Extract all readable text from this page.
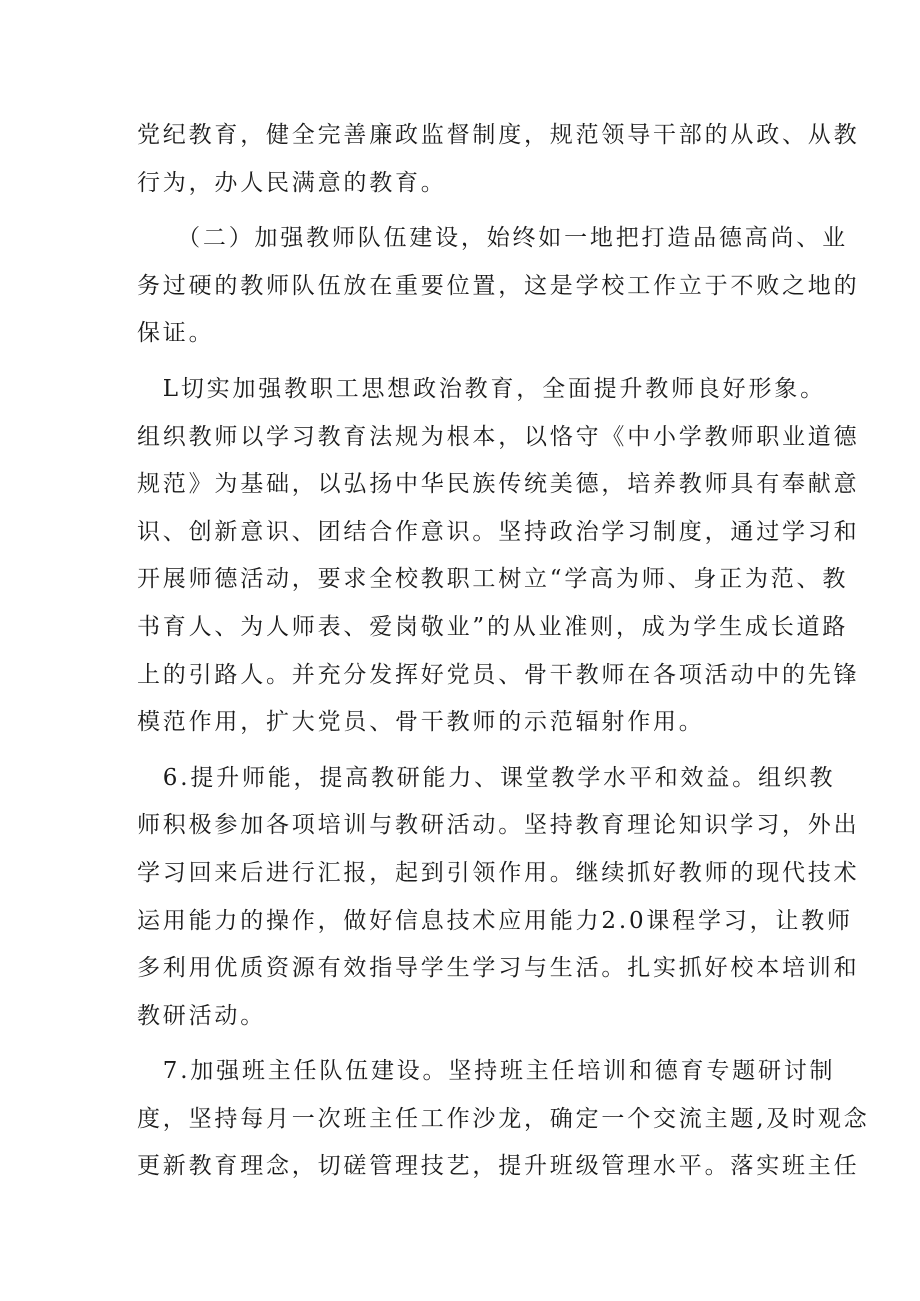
党纪教育，健全完善廉政监督制度，规范领导干部的从政、从教
行为，办人民满意的教育。
　　（二）加强教师队伍建设，始终如一地把打造品德高尚、业
务过硬的教师队伍放在重要位置，这是学校工作立于不败之地的
保证。
　L切实加强教职工思想政治教育，全面提升教师良好形象。
组织教师以学习教育法规为根本，以恪守《中小学教师职业道德
规范》为基础，以弘扬中华民族传统美德，培养教师具有奉献意
识、创新意识、团结合作意识。坚持政治学习制度，通过学习和
开展师德活动，要求全校教职工树立“学高为师、身正为范、教
书育人、为人师表、爱岗敬业”的从业准则，成为学生成长道路
上的引路人。并充分发挥好党员、骨干教师在各项活动中的先锋
模范作用，扩大党员、骨干教师的示范辐射作用。
　6.提升师能，提高教研能力、课堂教学水平和效益。组织教
师积极参加各项培训与教研活动。坚持教育理论知识学习，外出
学习回来后进行汇报，起到引领作用。继续抓好教师的现代技术
运用能力的操作，做好信息技术应用能力2.0课程学习，让教师
多利用优质资源有效指导学生学习与生活。扎实抓好校本培训和
教研活动。
　7.加强班主任队伍建设。坚持班主任培训和德育专题研讨制
度，坚持每月一次班主任工作沙龙，确定一个交流主题,及时观念
更新教育理念，切磋管理技艺，提升班级管理水平。落实班主任
